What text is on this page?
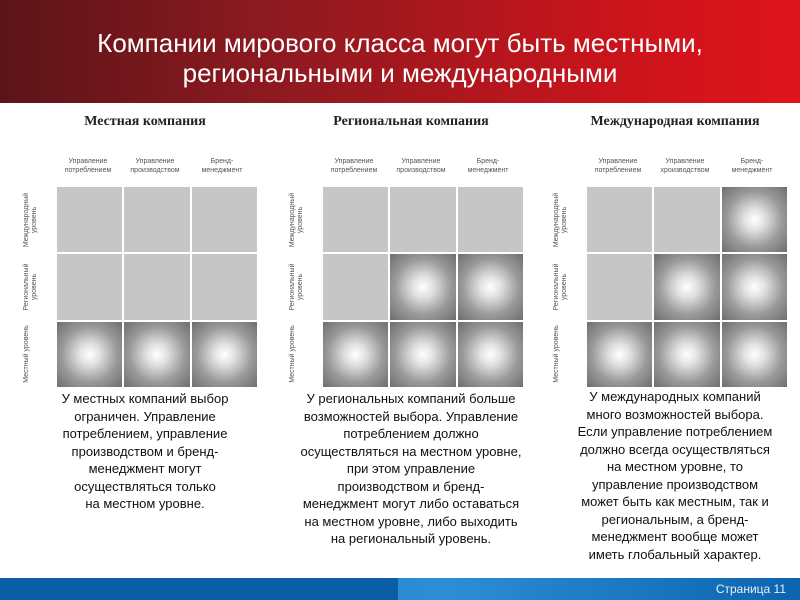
Компании мирового класса могут быть местными,
региональными и международными
Местная компания
Управление
потреблением
Управление
производством
Бренд-
менеджмент
Международный
уровень
Региональный
уровень
Местный уровень
У местных компаний выбор
ограничен. Управление
потреблением, управление
производством и бренд-
менеджмент могут
осуществляться только
на местном уровне.
Региональная компания
Управление
потреблением
Управление
производством
Бренд-
менеджмент
Международный
уровень
Региональный
уровень
Местный уровень
У региональных компаний больше
возможностей выбора. Управление
потреблением должно
осуществляться на местном уровне,
при этом управление
производством и бренд-
менеджмент могут либо оставаться
на местном уровне, либо выходить
на региональный уровень.
Международная компания
Управление
потреблением
Управление
хроизводством
Бренд-
менеджмент
Международный
уровень
Региональный
уровень
Местный уровень
У международных компаний
много возможностей выбора.
Если управление потреблением
должно всегда осуществляться
на местном уровне, то
управление производством
может быть как местным, так и
региональным, а бренд-
менеджмент вообще может
иметь глобальный характер.
Страница 11
